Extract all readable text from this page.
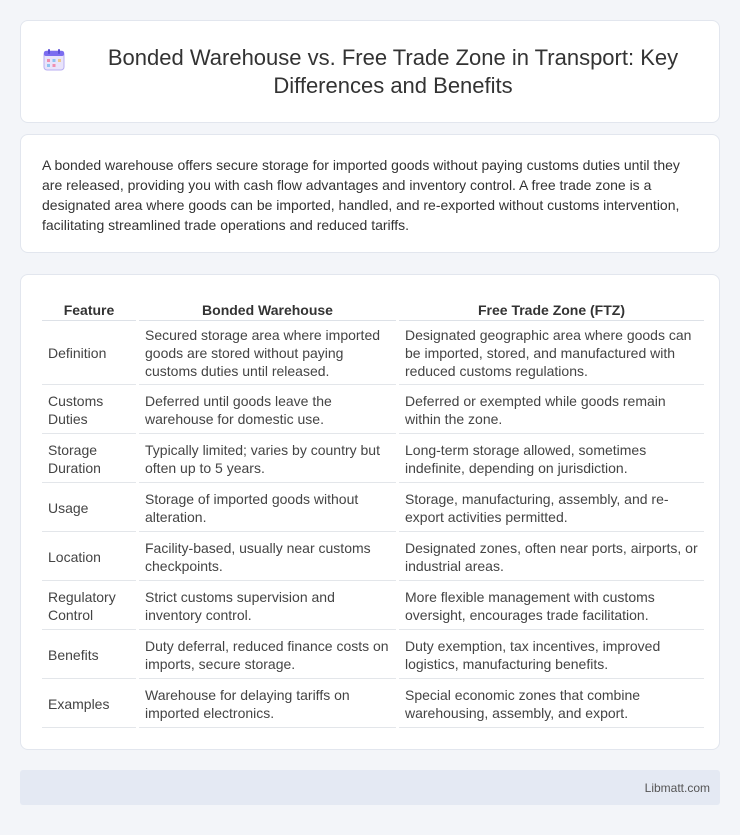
Bonded Warehouse vs. Free Trade Zone in Transport: Key Differences and Benefits

A bonded warehouse offers secure storage for imported goods without paying customs duties until they are released, providing you with cash flow advantages and inventory control. A free trade zone is a designated area where goods can be imported, handled, and re-exported without customs intervention, facilitating streamlined trade operations and reduced tariffs.

Feature	Bonded Warehouse	Free Trade Zone (FTZ)
Definition	Secured storage area where imported goods are stored without paying customs duties until released.	Designated geographic area where goods can be imported, stored, and manufactured with reduced customs regulations.
Customs Duties	Deferred until goods leave the warehouse for domestic use.	Deferred or exempted while goods remain within the zone.
Storage Duration	Typically limited; varies by country but often up to 5 years.	Long-term storage allowed, sometimes indefinite, depending on jurisdiction.
Usage	Storage of imported goods without alteration.	Storage, manufacturing, assembly, and re-export activities permitted.
Location	Facility-based, usually near customs checkpoints.	Designated zones, often near ports, airports, or industrial areas.
Regulatory Control	Strict customs supervision and inventory control.	More flexible management with customs oversight, encourages trade facilitation.
Benefits	Duty deferral, reduced finance costs on imports, secure storage.	Duty exemption, tax incentives, improved logistics, manufacturing benefits.
Examples	Warehouse for delaying tariffs on imported electronics.	Special economic zones that combine warehousing, assembly, and export.
Libmatt.com
